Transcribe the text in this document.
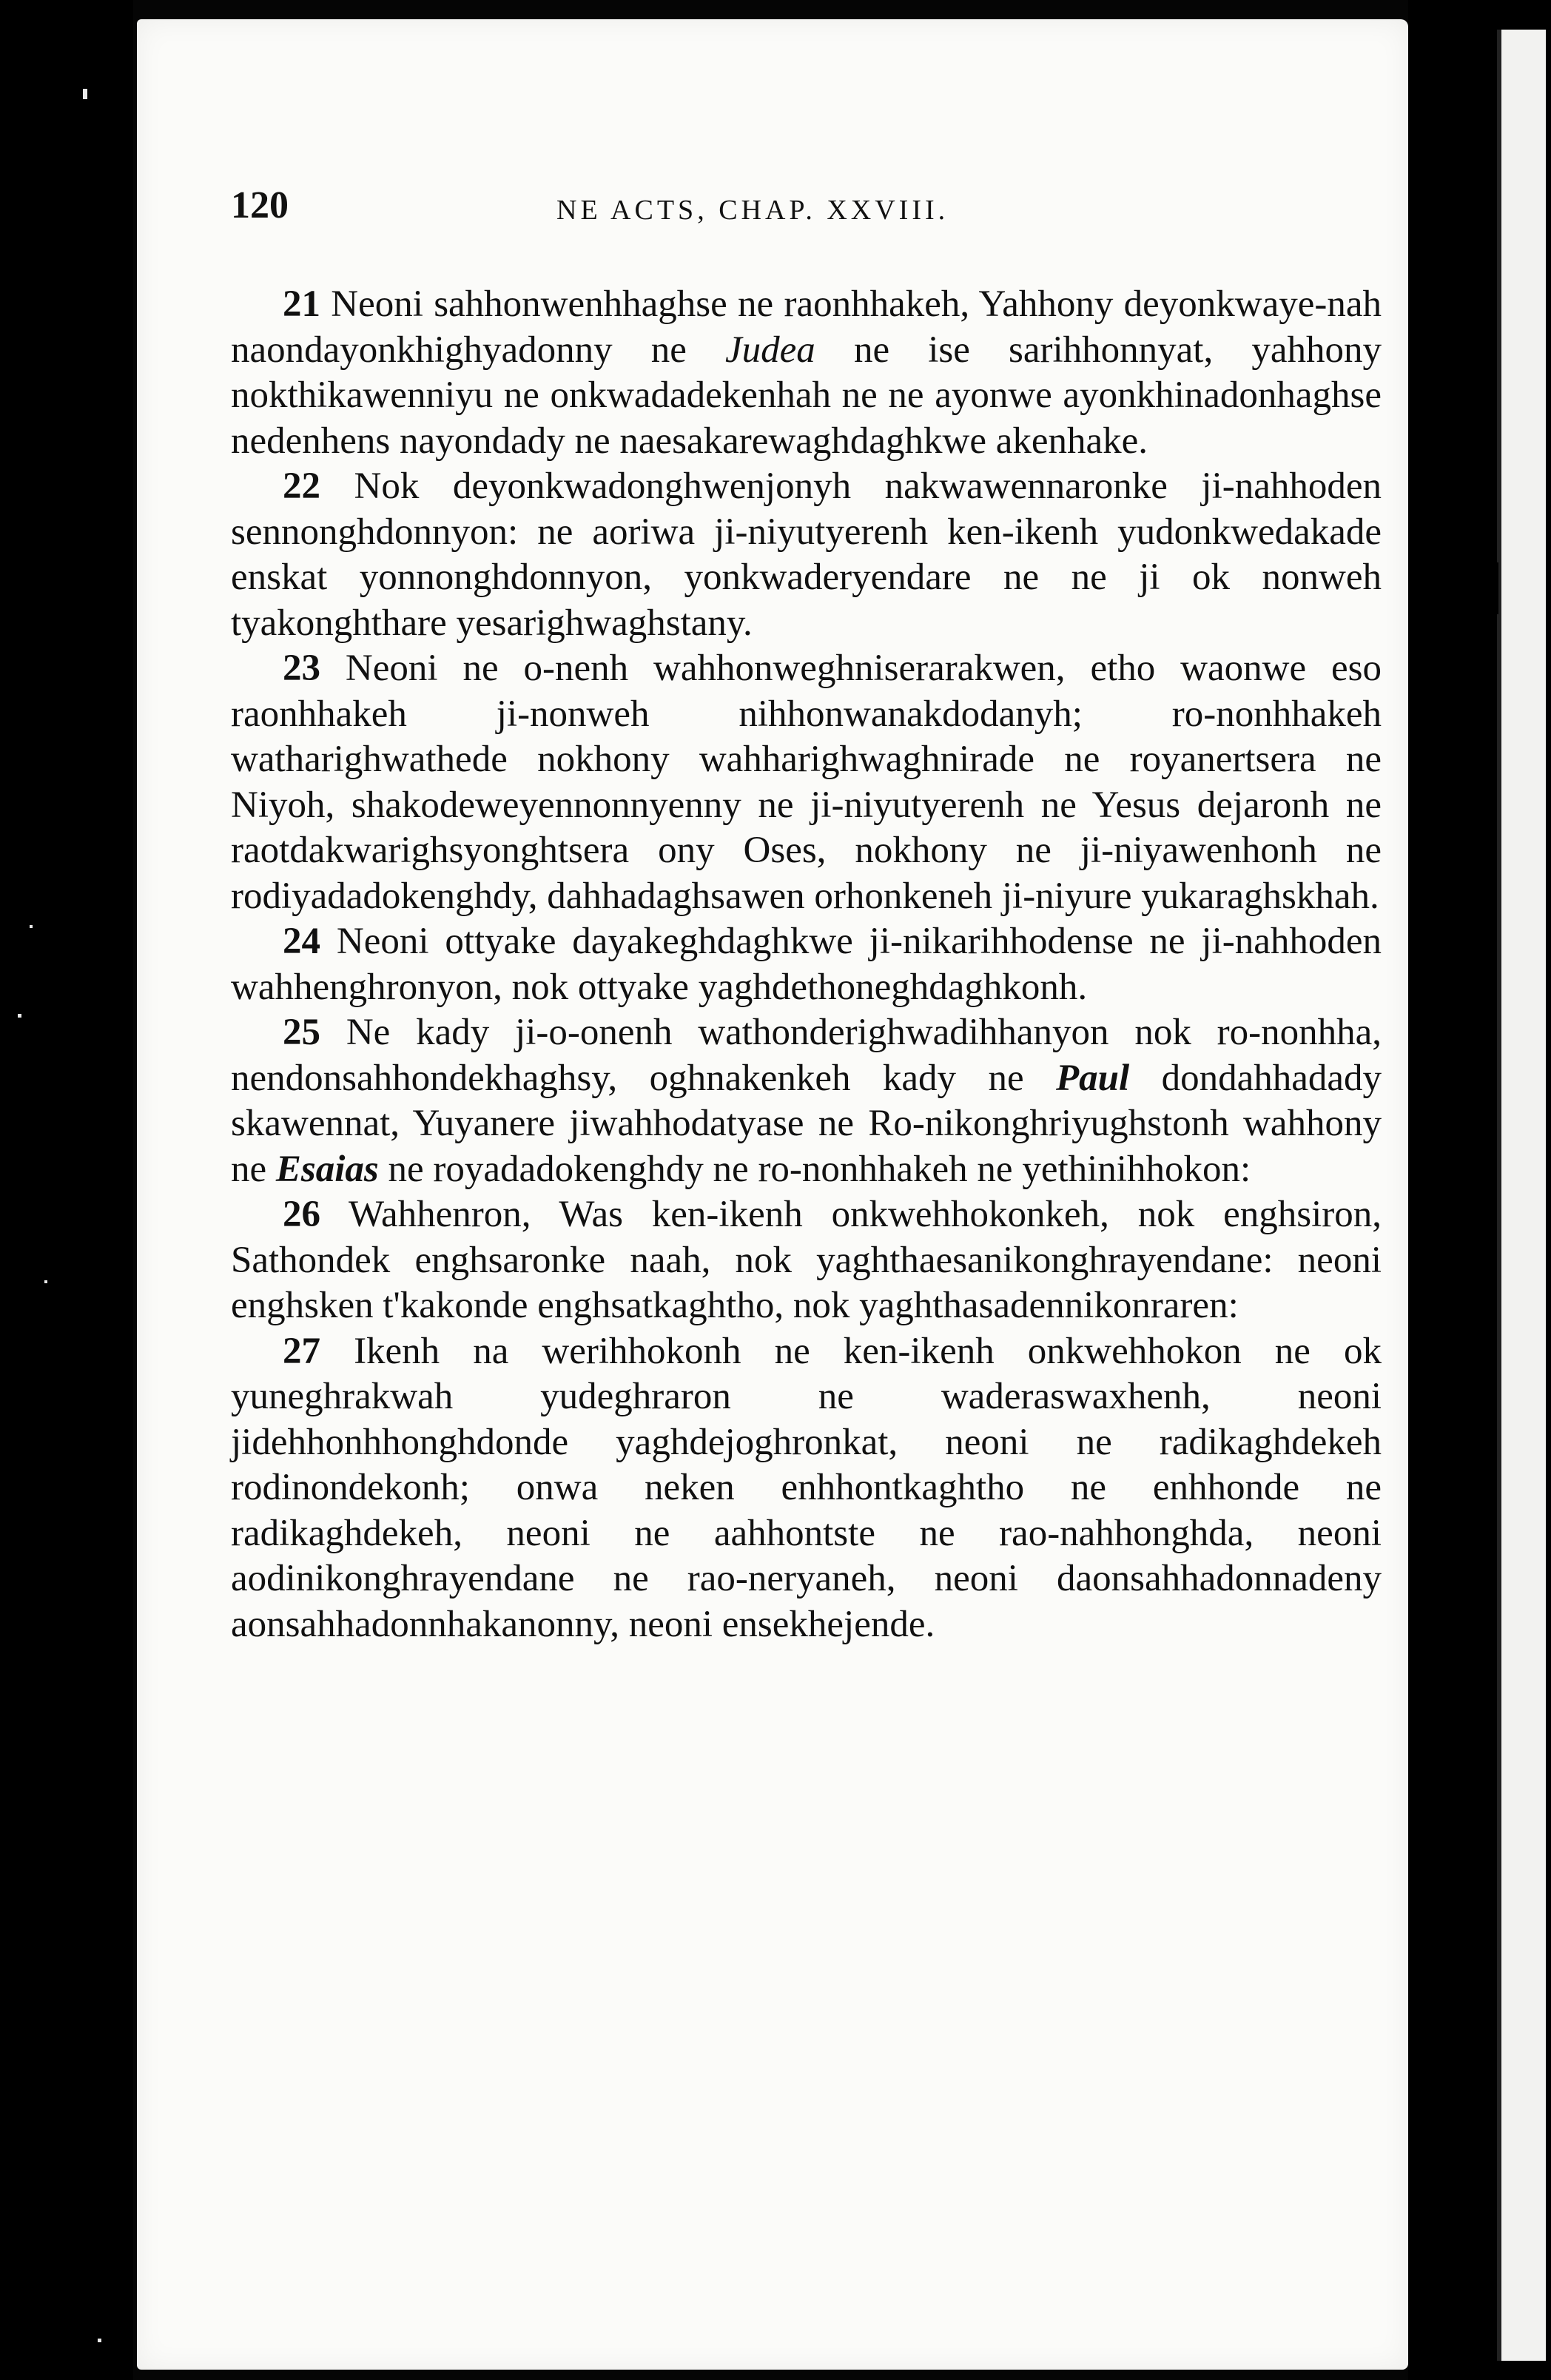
120	NE ACTS, CHAP. XXVIII.

21 Neoni sahhonwenhhaghse ne raonhhakeh, Yahhony deyonkwaye-nah naondayonkhighyadonny ne Judea ne ise sarihhonnyat, yahhony nokthikawenniyu ne onkwadadekenhah ne ne ayonwe ayonkhinadonhaghse nedenhens nayondady ne naesakarewaghdaghkwe akenhake.

22 Nok deyonkwadonghwenjonyh nakwawennaronke ji-nahhoden sennonghdonnyon: ne aoriwa ji-niyutyerenh ken-ikenh yudonkwedakade enskat yonnonghdonnyon, yonkwaderyendare ne ne ji ok nonweh tyakonghthare yesarighwaghstany.

23 Neoni ne o-nenh wahhonweghniserarakwen, etho waonwe eso raonhhakeh ji-nonweh nihhonwanakdodanyh; ro-nonhhakeh watharighwathede nokhony wahharighwaghnirade ne royanertsera ne Niyoh, shakodeweyennonnyenny ne ji-niyutyerenh ne Yesus dejaronh ne raotdakwarighsyonghtsera ony Oses, nokhony ne ji-niyawenhonh ne rodiyadadokenghdy, dahhadaghsawen orhonkeneh ji-niyure yukaraghskhah.

24 Neoni ottyake dayakeghdaghkwe ji-nikarihhodense ne ji-nahhoden wahhenghronyon, nok ottyake yaghdethoneghdaghkonh.

25 Ne kady ji-o-onenh wathonderighwadihhanyon nok ro-nonhha, nendonsahhondekhaghsy, oghnakenkeh kady ne Paul dondahhadady skawennat, Yuyanere jiwahhodatyase ne Ro-nikonghriyughstonh wahhony ne Esaias ne royadadokenghdy ne ro-nonhhakeh ne yethinihhokon:

26 Wahhenron, Was ken-ikenh onkwehhokonkeh, nok enghsiron, Sathondek enghsaronke naah, nok yaghthaesanikonghrayendane: neoni enghsken t'kakonde enghsatkaghtho, nok yaghthasadennikonraren:

27 Ikenh na werihhokonh ne ken-ikenh onkwehhokon ne ok yuneghrakwah yudeghraron ne waderaswaxhenh, neoni jidehhonhhonghdonde yaghdejoghronkat, neoni ne radikaghdekeh rodinondekonh; onwa neken enhhontkaghtho ne enhhonde ne radikaghdekeh, neoni ne aahhontste ne rao-nahhonghda, neoni aodinikonghrayendane ne rao-neryaneh, neoni daonsahhadonnadeny aonsahhadonnhakanonny, neoni ensekhejende.
